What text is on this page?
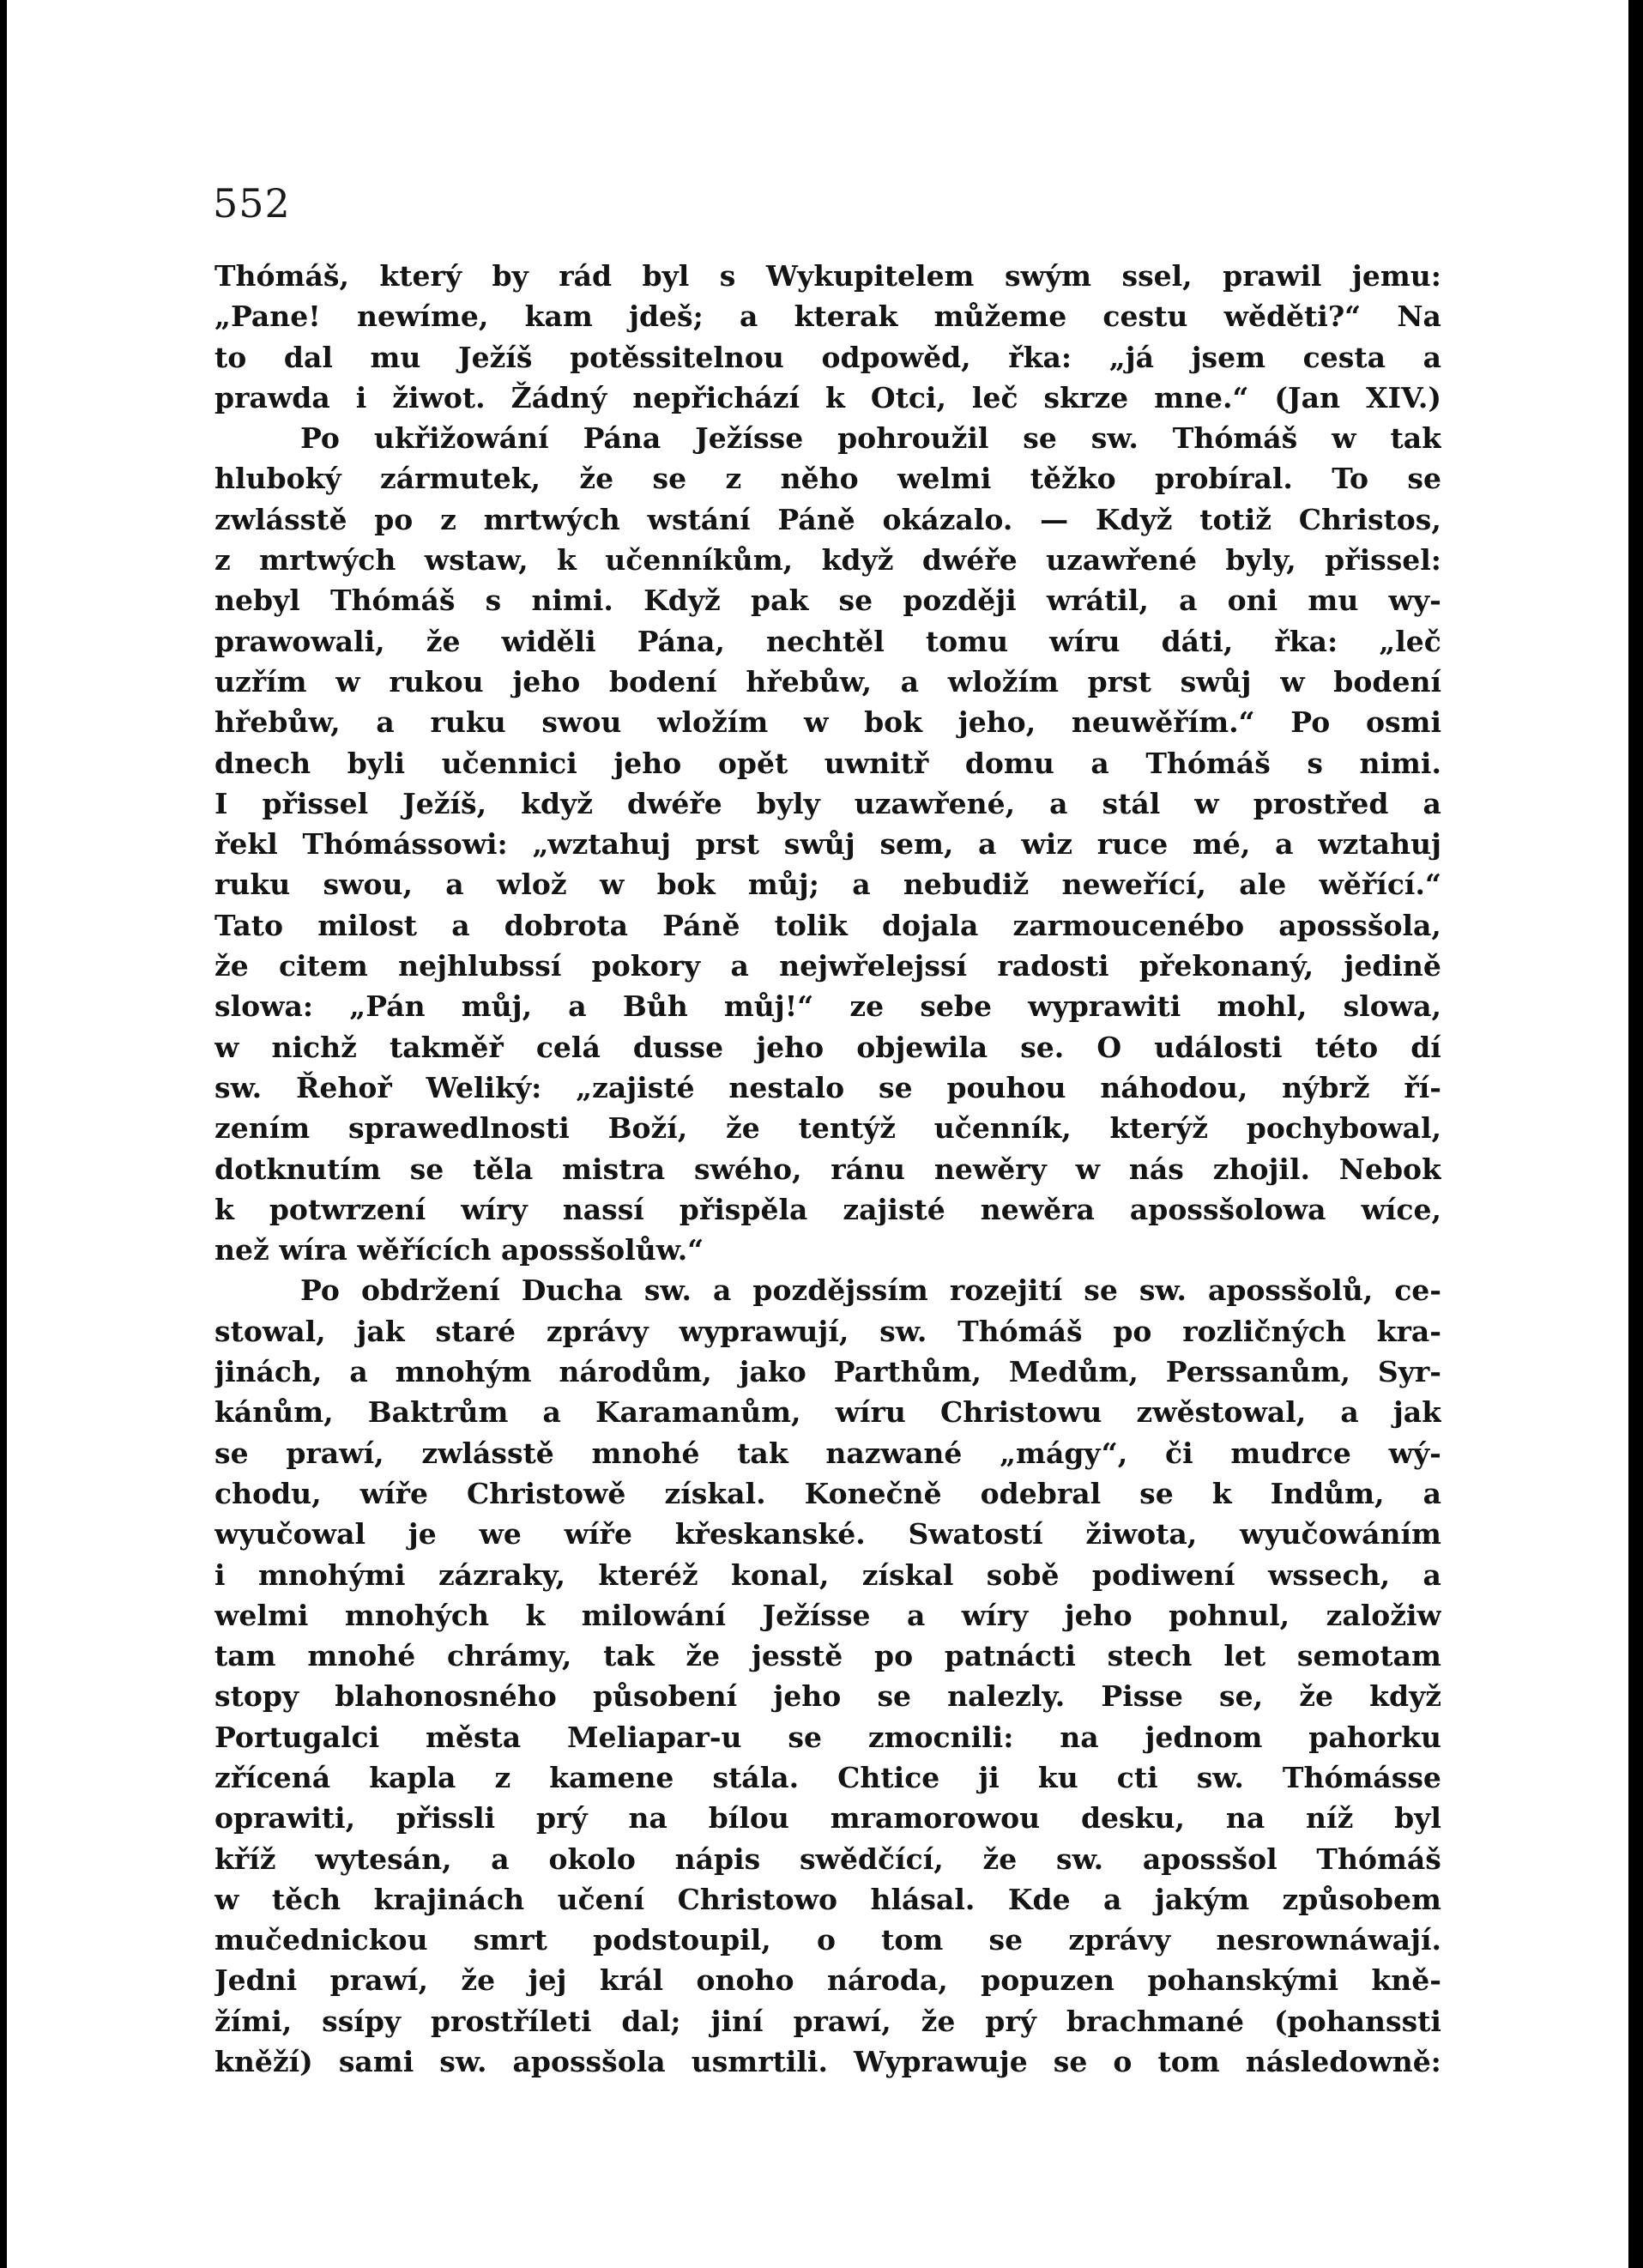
552
Thómáš, který by rád byl s Wykupitelem swým ssel, prawil jemu:
„Pane! newíme, kam jdeš; a kterak můžeme cestu wěděti?“ Na
to dal mu Ježíš potěssitelnou odpowěd, řka: „já jsem cesta a
prawda i žiwot. Žádný nepřichází k Otci, leč skrze mne.“ (Jan XIV.)
Po ukřižowání Pána Ježísse pohroužil se sw. Thómáš w tak
hluboký zármutek, že se z něho welmi těžko probíral. To se
zwlásstě po z mrtwých wstání Páně okázalo. — Když totiž Christos,
z mrtwých wstaw, k učenníkům, když dwéře uzawřené byly, přissel:
nebyl Thómáš s nimi. Když pak se později wrátil, a oni mu wy-
prawowali, že widěli Pána, nechtěl tomu wíru dáti, řka: „leč
uzřím w rukou jeho bodení hřebůw, a wložím prst swůj w bodení
hřebůw, a ruku swou wložím w bok jeho, neuwěřím.“ Po osmi
dnech byli učennici jeho opět uwnitř domu a Thómáš s nimi.
I přissel Ježíš, když dwéře byly uzawřené, a stál w prostřed a
řekl Thómássowi: „wztahuj prst swůj sem, a wiz ruce mé, a wztahuj
ruku swou, a wlož w bok můj; a nebudiž neweřící, ale wěřící.“
Tato milost a dobrota Páně tolik dojala zarmoucenébo apossšola,
že citem nejhlubssí pokory a nejwřelejssí radosti překonaný, jedině
slowa: „Pán můj, a Bůh můj!“ ze sebe wyprawiti mohl, slowa,
w nichž takměř celá dusse jeho objewila se. O události této dí
sw. Řehoř Weliký: „zajisté nestalo se pouhou náhodou, nýbrž ří-
zením sprawedlnosti Boží, že tentýž učenník, kterýž pochybowal,
dotknutím se těla mistra swého, ránu newěry w nás zhojil. Nebok
k potwrzení wíry nassí přispěla zajisté newěra apossšolowa wíce,
než wíra wěřících apossšolůw.“
Po obdržení Ducha sw. a pozdějssím rozejití se sw. apossšolů, ce-
stowal, jak staré zprávy wyprawují, sw. Thómáš po rozličných kra-
jinách, a mnohým národům, jako Parthům, Medům, Perssanům, Syr-
kánům, Baktrům a Karamanům, wíru Christowu zwěstowal, a jak
se prawí, zwlásstě mnohé tak nazwané „mágy“, či mudrce wý-
chodu, wíře Christowě získal. Konečně odebral se k Indům, a
wyučowal je we wíře křeskanské. Swatostí žiwota, wyučowáním
i mnohými zázraky, kteréž konal, získal sobě podiwení wssech, a
welmi mnohých k milowání Ježísse a wíry jeho pohnul, založiw
tam mnohé chrámy, tak že jesstě po patnácti stech let semotam
stopy blahonosného působení jeho se nalezly. Pisse se, že když
Portugalci města Meliapar-u se zmocnili: na jednom pahorku
zřícená kapla z kamene stála. Chtice ji ku cti sw. Thómásse
oprawiti, přissli prý na bílou mramorowou desku, na níž byl
kříž wytesán, a okolo nápis swědčící, že sw. apossšol Thómáš
w těch krajinách učení Christowo hlásal. Kde a jakým způsobem
mučednickou smrt podstoupil, o tom se zprávy nesrownáwají.
Jedni prawí, že jej král onoho národa, popuzen pohanskými kně-
žími, ssípy prostříleti dal; jiní prawí, že prý brachmané (pohanssti
kněží) sami sw. apossšola usmrtili. Wyprawuje se o tom následowně:
